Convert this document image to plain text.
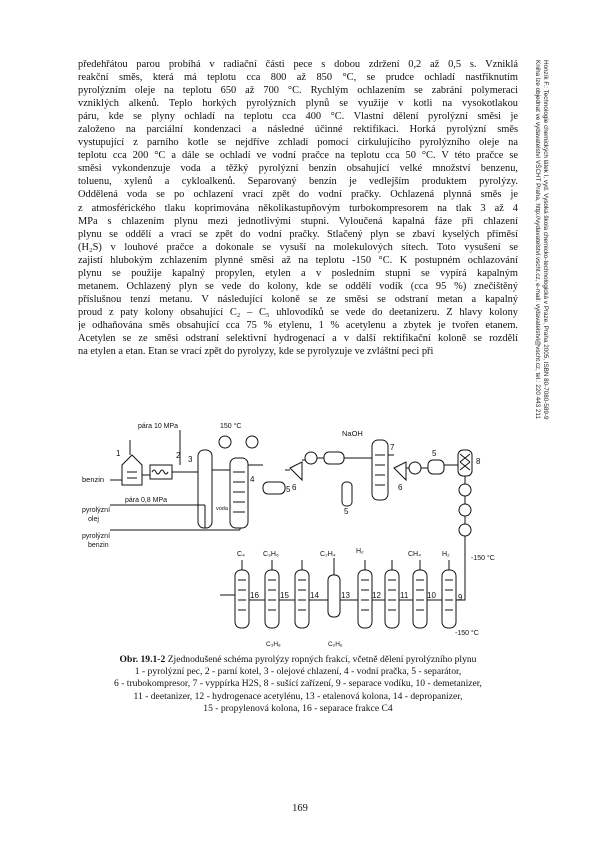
Honzík F.: Technologie chemických látek I, vyd. Vysoká škola chemicko-technologická v Praze, Praha 2005, ISBN 80-7080-589-9
Kniha lze objednat ve vydavatelství VŠCHT Praha, http://vydavatelstvi.vscht.cz, e-mail: vydavatelstvi@vscht.cz, tel.: 220 443 211
předehřátou parou probíhá v radiační části pece s dobou zdržení 0,2 až 0,5 s. Vzniklá
reakční směs, která má teplotu cca 800 až 850 °C, se prudce ochladí nastřiknutím
pyrolýzním oleje na teplotu 650 až 700 °C. Rychlým ochlazením se zabrání polymeraci
vzniklých alkenů. Teplo horkých pyrolýzních plynů se využije v kotli na vysokotlakou
páru, kde se plyny ochladí na teplotu cca 400 °C. Vlastní dělení pyrolýzní směsi je
založeno na parciální kondenzaci a následné účinné rektifikaci. Horká pyrolýzní směs
vystupující z parního kotle se nejdříve zchladí pomocí cirkulujícího pyrolýzního oleje na
teplotu cca 200 °C a dále se ochladí ve vodní pračce na teplotu cca 50 °C. V této pračce se
směsi vykondenzuje voda a těžký pyrolýzní benzín obsahující velké množství benzenu,
toluenu, xylenů a cykloalkenů. Separovaný benzín je vedlejším produktem pyrolýzy.
Oddělená voda se po ochlazení vrací zpět do vodní pračky. Ochlazená plynná směs je
z atmosférického tlaku koprimována několikastupňovým turbokompresorem na tlak 3 až 4
MPa s chlazením plynu mezi jednotlivými stupni. Vyloučená kapalná fáze při chlazení
plynu se oddělí a vrací se zpět do vodní pračky. Stlačený plyn se zbaví kyselých příměsí
(H₂S) v louhové pračce a dokonale se vysuší na molekulových sítech. Toto vysušení se
zajistí hlubokým zchlazením plynné směsi až na teplotu -150 °C. K postupném ochlazování
plynu se použije kapalný propylen, etylen a v posledním stupni se vypírá kapalným
metanem. Ochlazený plyn se vede do kolony, kde se oddělí vodík (cca 95 %) znečištěný
příslušnou tenzí metanu. V následující koloně se ze směsi se odstraní metan a kapalný
proud z paty kolony obsahující C₂ – C₅ uhlovodíků se vede do deetanizeru. Z hlavy kolony
je odhaňována směs obsahující cca 75 % etylenu, 1 % acetylenu a zbytek je tvořen etanem.
Acetylen se ze směsi odstraní selektivní hydrogenací a v další rektifikační koloně se rozdělí
na etylen a etan. Etan se vrací zpět do pyrolyzy, kde se pyrolyzuje ve zvláštní peci při
pára 10 MPa	150 °C
benzin
pára 0,8 MPa
voda
NaOH
pyrolýzní
olej
pyrolýzní
benzin
-150 °C
-150 °C
C₄	C₃H₆	C₂H₄	H₂	CH₄	H₂
C₃H₈	C₂H₆
1	2 3
4
5 6
7
8
5
5
6
9
10
11
12
13
14
15
16
Obr. 19.1-2 Zjednodušené schéma pyrolýzy ropných frakcí, včetně dělení pyrolýzního plynu
1 - pyrolýzní pec, 2 - parní kotel, 3 - olejové chlazení, 4 - vodní pračka, 5 - separátor,
6 - trubokompresor, 7 - vyppírka H2S, 8 - sušící zařízení, 9 - separace vodíku, 10 - demetanizer,
11 - deetanizer, 12 - hydrogenace acetylénu, 13 - etalenová kolona, 14 - depropanizer,
15 - propylenová kolona, 16 - separace frakce C4
169
